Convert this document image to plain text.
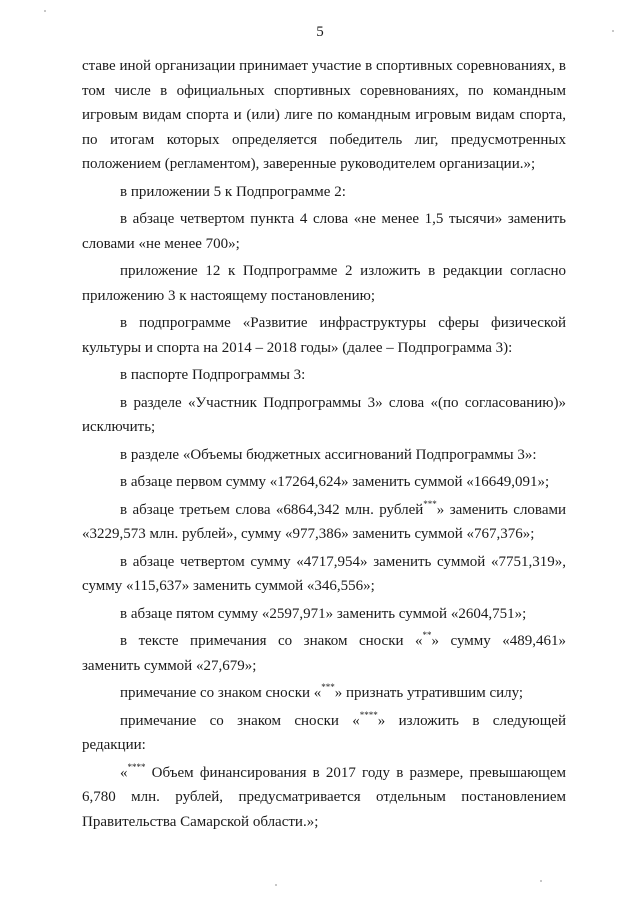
5

ставе иной организации принимает участие в спортивных соревнованиях, в том числе в официальных спортивных соревнованиях, по командным игровым видам спорта и (или) лиге по командным игровым видам спорта, по итогам которых определяется победитель лиг, предусмотренных положением (регламентом), заверенные руководителем организации.»;

в приложении 5 к Подпрограмме 2:

в абзаце четвертом пункта 4 слова «не менее 1,5 тысячи» заменить словами «не менее 700»;

приложение 12 к Подпрограмме 2 изложить в редакции согласно приложению 3 к настоящему постановлению;

в подпрограмме «Развитие инфраструктуры сферы физической культуры и спорта на 2014 – 2018 годы» (далее – Подпрограмма 3):

в паспорте Подпрограммы 3:

в разделе «Участник Подпрограммы 3» слова «(по согласованию)» исключить;

в разделе «Объемы бюджетных ассигнований Подпрограммы 3»:

в абзаце первом сумму «17264,624» заменить суммой «16649,091»;

в абзаце третьем слова «6864,342 млн. рублей***» заменить словами «3229,573 млн. рублей», сумму «977,386» заменить суммой «767,376»;

в абзаце четвертом сумму «4717,954» заменить суммой «7751,319», сумму «115,637» заменить суммой «346,556»;

в абзаце пятом сумму «2597,971» заменить суммой «2604,751»;

в тексте примечания со знаком сноски «**» сумму «489,461» заменить суммой «27,679»;

примечание со знаком сноски «***» признать утратившим силу;

примечание со знаком сноски «****» изложить в следующей редакции:

«**** Объем финансирования в 2017 году в размере, превышающем 6,780 млн. рублей, предусматривается отдельным постановлением Правительства Самарской области.»;
